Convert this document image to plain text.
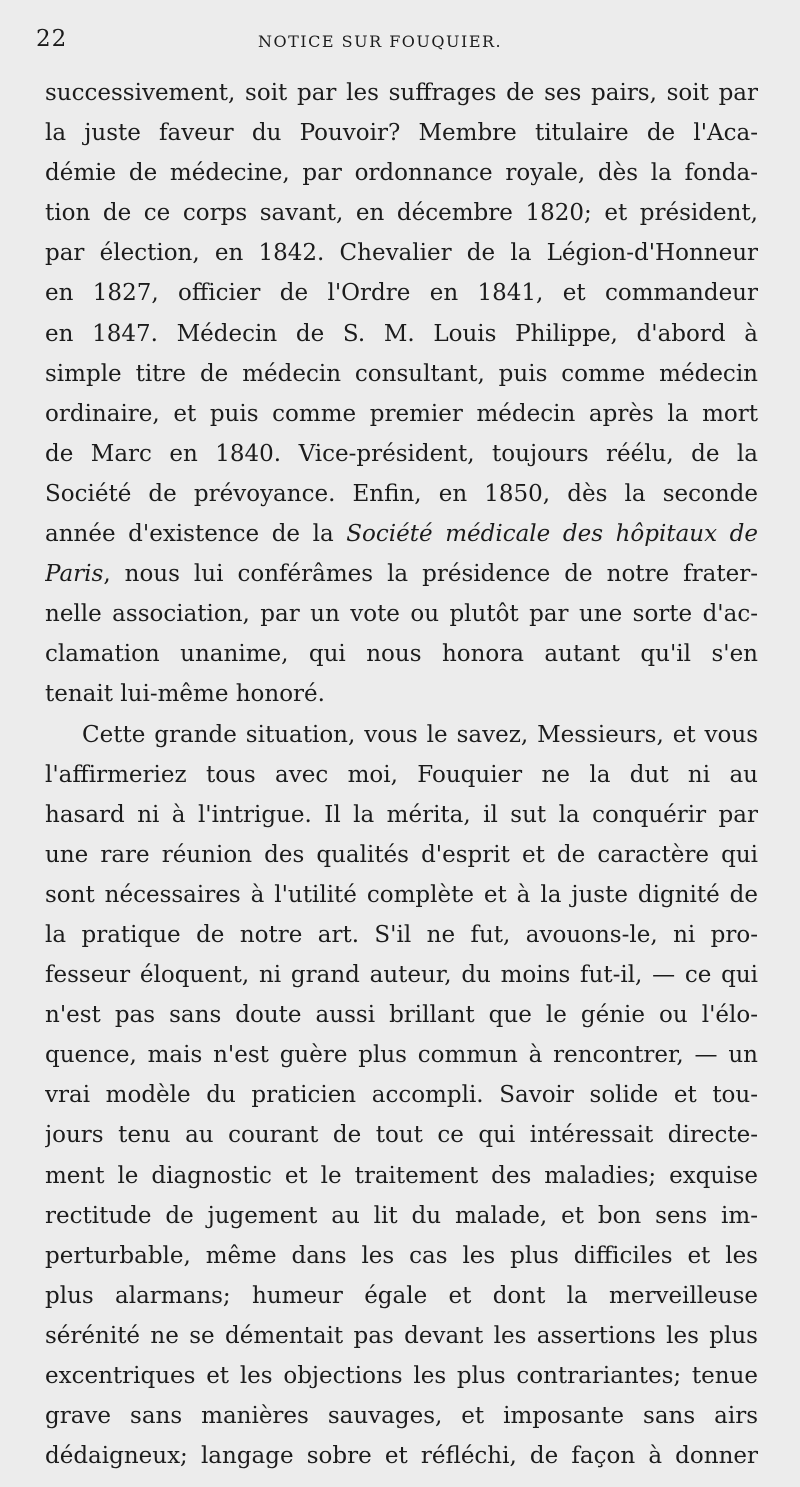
22	NOTICE SUR FOUQUIER.
successivement, soit par les suffrages de ses pairs, soit par
la juste faveur du Pouvoir? Membre titulaire de l'Aca-
démie de médecine, par ordonnance royale, dès la fonda-
tion de ce corps savant, en décembre 1820; et président,
par élection, en 1842. Chevalier de la Légion-d'Honneur
en 1827, officier de l'Ordre en 1841, et commandeur
en 1847. Médecin de S. M. Louis Philippe, d'abord à
simple titre de médecin consultant, puis comme médecin
ordinaire, et puis comme premier médecin après la mort
de Marc en 1840. Vice-président, toujours réélu, de la
Société de prévoyance. Enfin, en 1850, dès la seconde
année d'existence de la Société médicale des hôpitaux de
Paris, nous lui conférâmes la présidence de notre frater-
nelle association, par un vote ou plutôt par une sorte d'ac-
clamation unanime, qui nous honora autant qu'il s'en
tenait lui-même honoré.
Cette grande situation, vous le savez, Messieurs, et vous
l'affirmeriez tous avec moi, Fouquier ne la dut ni au
hasard ni à l'intrigue. Il la mérita, il sut la conquérir par
une rare réunion des qualités d'esprit et de caractère qui
sont nécessaires à l'utilité complète et à la juste dignité de
la pratique de notre art. S'il ne fut, avouons-le, ni pro-
fesseur éloquent, ni grand auteur, du moins fut-il, — ce qui
n'est pas sans doute aussi brillant que le génie ou l'élo-
quence, mais n'est guère plus commun à rencontrer, — un
vrai modèle du praticien accompli. Savoir solide et tou-
jours tenu au courant de tout ce qui intéressait directe-
ment le diagnostic et le traitement des maladies; exquise
rectitude de jugement au lit du malade, et bon sens im-
perturbable, même dans les cas les plus difficiles et les
plus alarmans; humeur égale et dont la merveilleuse
sérénité ne se démentait pas devant les assertions les plus
excentriques et les objections les plus contrariantes; tenue
grave sans manières sauvages, et imposante sans airs
dédaigneux; langage sobre et réfléchi, de façon à donner
